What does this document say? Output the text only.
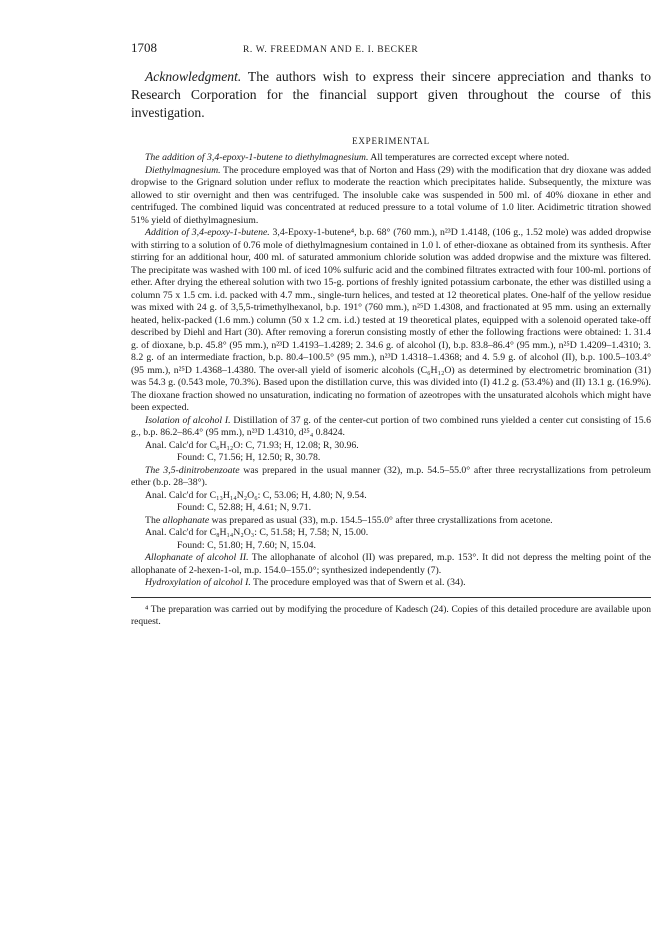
1708	R. W. FREEDMAN AND E. I. BECKER

Acknowledgment. The authors wish to express their sincere appreciation and thanks to Research Corporation for the financial support given throughout the course of this investigation.

EXPERIMENTAL

The addition of 3,4-epoxy-1-butene to diethylmagnesium. All temperatures are corrected except where noted.

Diethylmagnesium. The procedure employed was that of Norton and Hass (29) with the modification that dry dioxane was added dropwise to the Grignard solution under reflux to moderate the reaction which precipitates halide. Subsequently, the mixture was allowed to stir overnight and then was centrifuged. The insoluble cake was suspended in 500 ml. of 40% dioxane in ether and centrifuged. The combined liquid was concentrated at reduced pressure to a total volume of 1.0 liter. Acidimetric titration showed 51% yield of diethylmagnesium.

Addition of 3,4-epoxy-1-butene. 3,4-Epoxy-1-butene⁴, b.p. 68° (760 mm.), n²³D 1.4148, (106 g., 1.52 mole) was added dropwise with stirring to a solution of 0.76 mole of diethylmagnesium contained in 1.0 l. of ether-dioxane as obtained from its synthesis. After stirring for an additional hour, 400 ml. of saturated ammonium chloride solution was added dropwise and the mixture was filtered. The precipitate was washed with 100 ml. of iced 10% sulfuric acid and the combined filtrates extracted with four 100-ml. portions of ether. After drying the ethereal solution with two 15-g. portions of freshly ignited potassium carbonate, the ether was distilled using a column 75 x 1.5 cm. i.d. packed with 4.7 mm., single-turn helices, and tested at 12 theoretical plates. One-half of the yellow residue was mixed with 24 g. of 3,5,5-trimethylhexanol, b.p. 191° (760 mm.), n²⁵D 1.4308, and fractionated at 95 mm. using an externally heated, helix-packed (1.6 mm.) column (50 x 1.2 cm. i.d.) tested at 19 theoretical plates, equipped with a solenoid operated take-off described by Diehl and Hart (30). After removing a forerun consisting mostly of ether the following fractions were obtained: 1. 31.4 g. of dioxane, b.p. 45.8° (95 mm.), n²³D 1.4193–1.4289; 2. 34.6 g. of alcohol (I), b.p. 83.8–86.4° (95 mm.), n²⁵D 1.4209–1.4310; 3. 8.2 g. of an intermediate fraction, b.p. 80.4–100.5° (95 mm.), n²³D 1.4318–1.4368; and 4. 5.9 g. of alcohol (II), b.p. 100.5–103.4° (95 mm.), n²⁵D 1.4368–1.4380. The over-all yield of isomeric alcohols (C₆H₁₂O) as determined by electrometric bromination (31) was 54.3 g. (0.543 mole, 70.3%). Based upon the distillation curve, this was divided into (I) 41.2 g. (53.4%) and (II) 13.1 g. (16.9%). The dioxane fraction showed no unsaturation, indicating no formation of azeotropes with the unsaturated alcohols which might have been expected.

Isolation of alcohol I. Distillation of 37 g. of the center-cut portion of two combined runs yielded a center cut consisting of 15.6 g., b.p. 86.2–86.4° (95 mm.), n²³D 1.4310, d²⁵₄ 0.8424.

Anal. Calc'd for C₆H₁₂O: C, 71.93; H, 12.08; R, 30.96.

Found: C, 71.56; H, 12.50; R, 30.78.

The 3,5-dinitrobenzoate was prepared in the usual manner (32), m.p. 54.5–55.0° after three recrystallizations from petroleum ether (b.p. 28–38°).

Anal. Calc'd for C₁₃H₁₄N₂O₆: C, 53.06; H, 4.80; N, 9.54.

Found: C, 52.88; H, 4.61; N, 9.71.

The allophanate was prepared as usual (33), m.p. 154.5–155.0° after three crystallizations from acetone.

Anal. Calc'd for C₈H₁₄N₂O₃: C, 51.58; H, 7.58; N, 15.00.

Found: C, 51.80; H, 7.60; N, 15.04.

Allophanate of alcohol II. The allophanate of alcohol (II) was prepared, m.p. 153°. It did not depress the melting point of the allophanate of 2-hexen-1-ol, m.p. 154.0–155.0°; synthesized independently (7).

Hydroxylation of alcohol I. The procedure employed was that of Swern et al. (34).

⁴ The preparation was carried out by modifying the procedure of Kadesch (24). Copies of this detailed procedure are available upon request.
